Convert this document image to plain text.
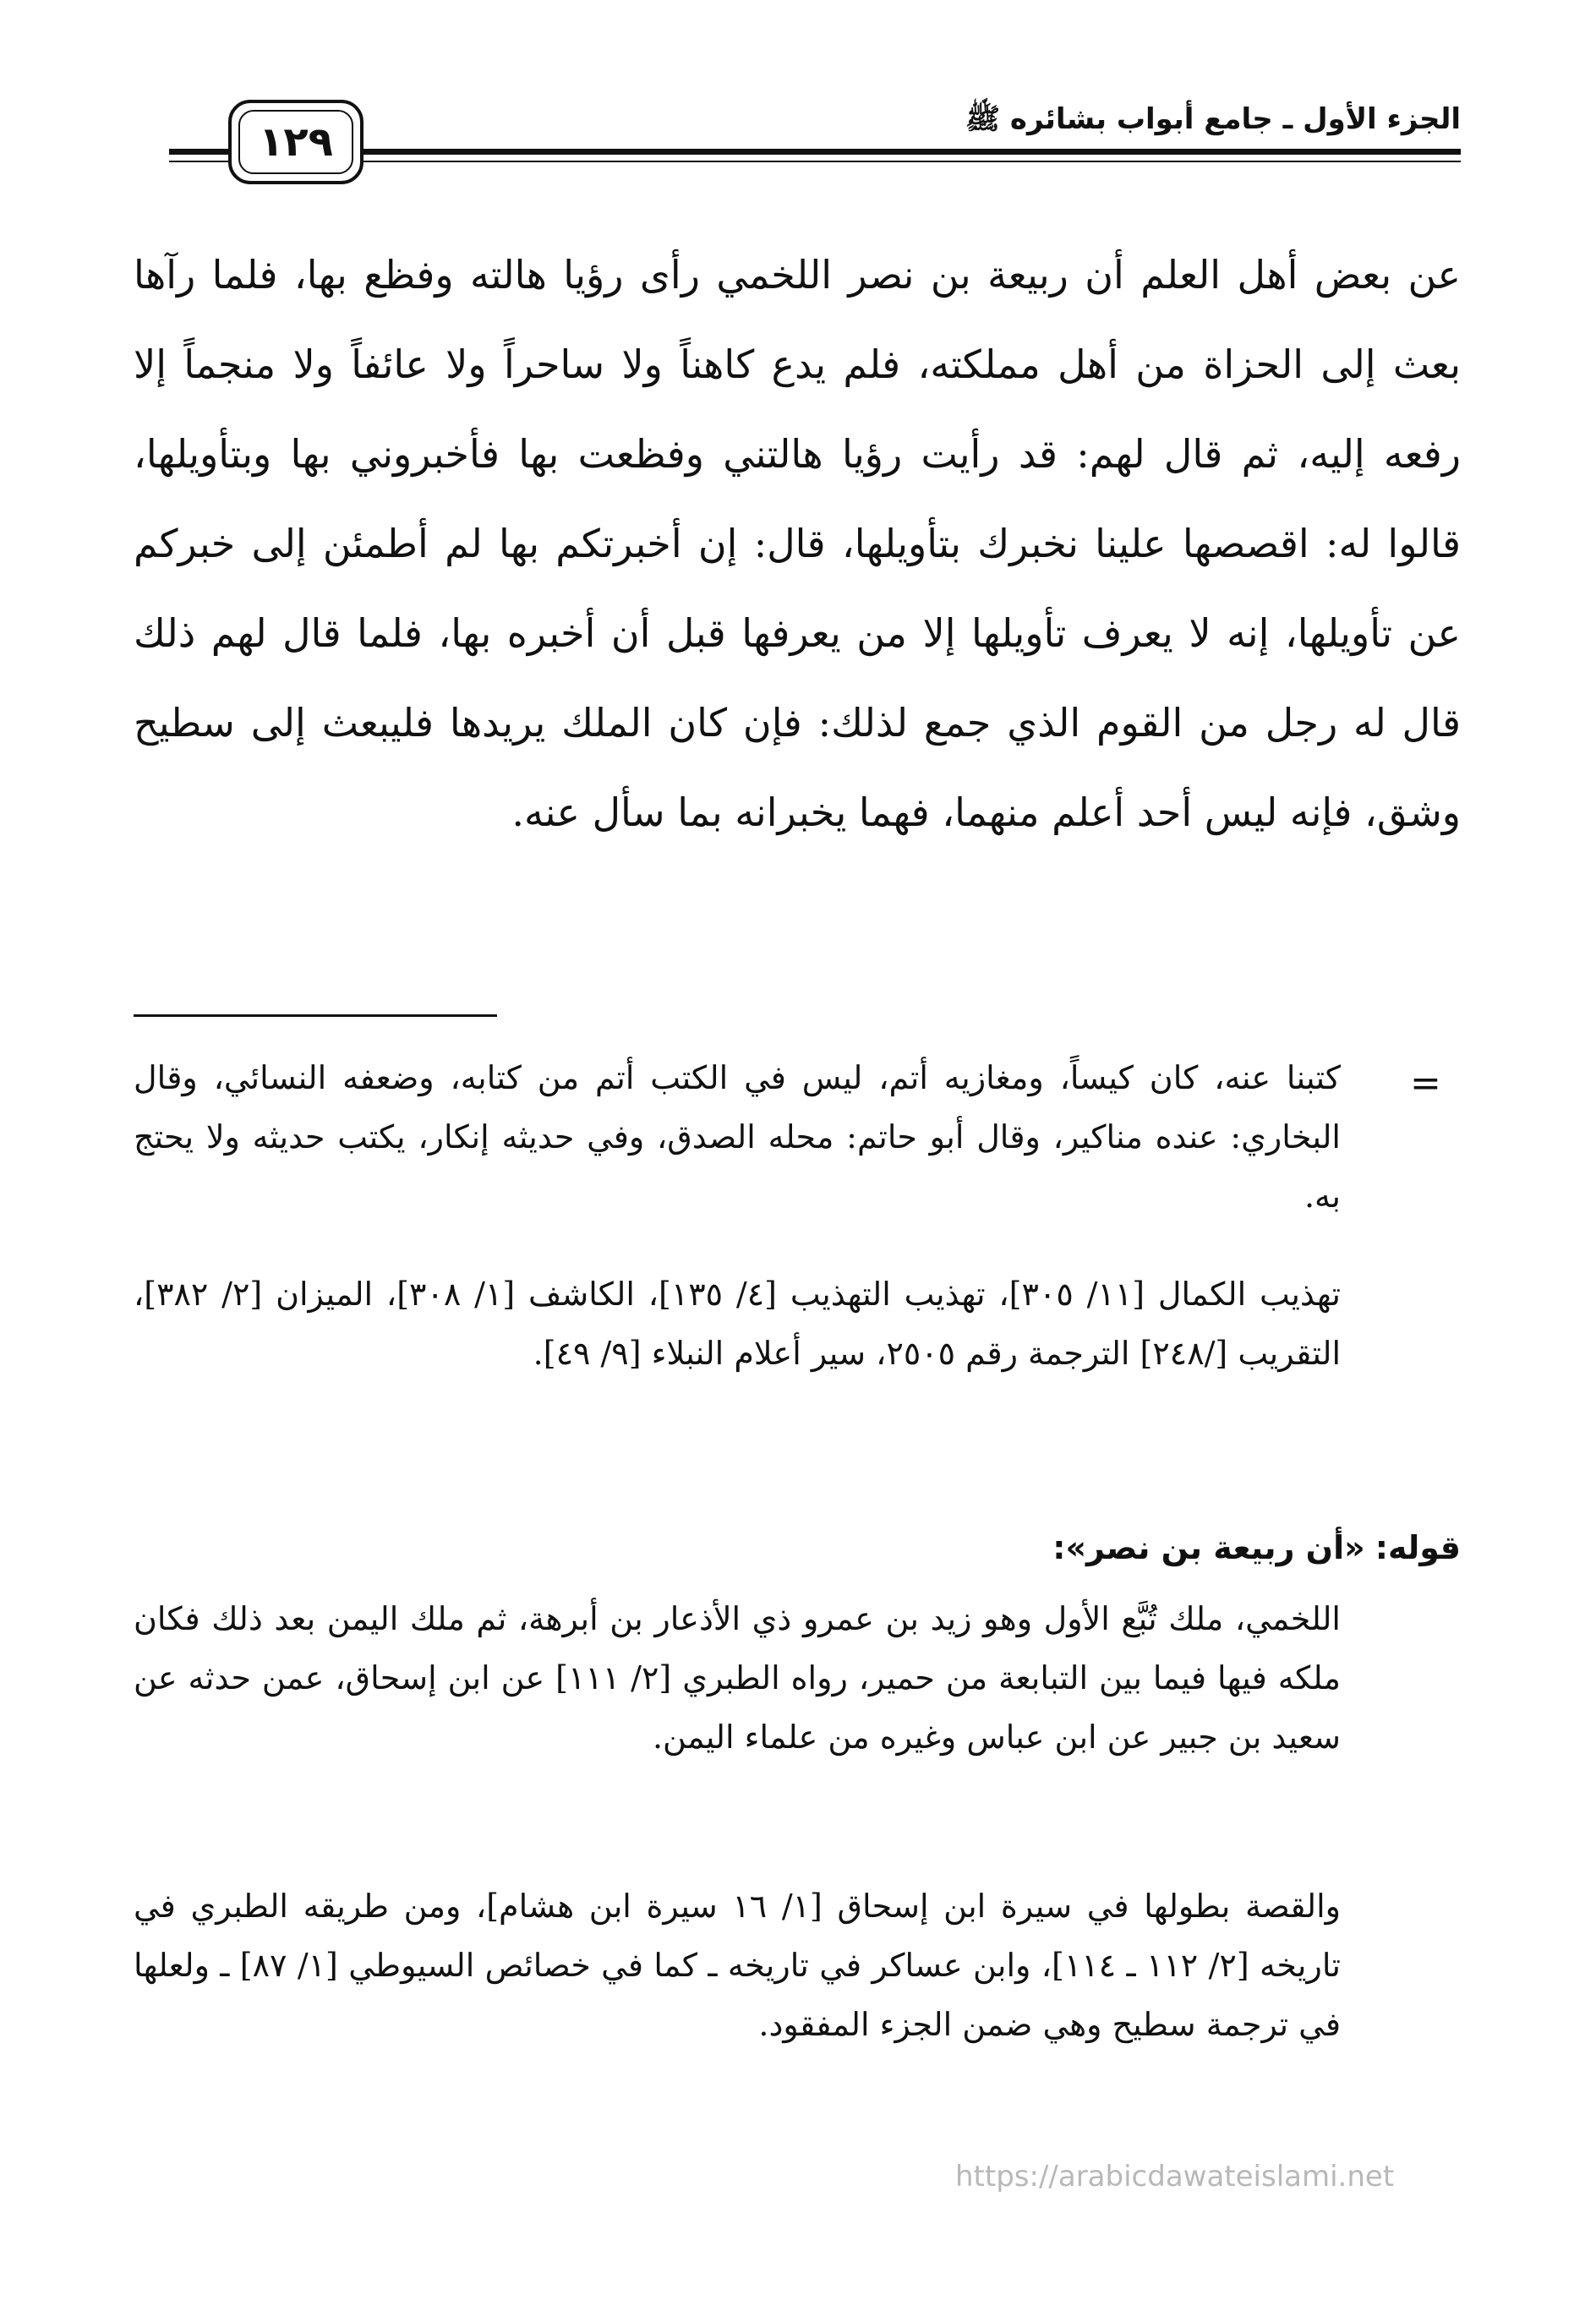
الجزء الأول ـ جامع أبواب بشائره ﷺ
١٢٩

عن بعض أهل العلم أن ربيعة بن نصر اللخمي رأى رؤيا هالته وفظع بها، فلما رآها بعث إلى الحزاة من أهل مملكته، فلم يدع كاهناً ولا ساحراً ولا عائفاً ولا منجماً إلا رفعه إليه، ثم قال لهم: قد رأيت رؤيا هالتني وفظعت بها فأخبروني بها وبتأويلها، قالوا له: اقصصها علينا نخبرك بتأويلها، قال: إن أخبرتكم بها لم أطمئن إلى خبركم عن تأويلها، إنه لا يعرف تأويلها إلا من يعرفها قبل أن أخبره بها، فلما قال لهم ذلك قال له رجل من القوم الذي جمع لذلك: فإن كان الملك يريدها فليبعث إلى سطيح وشق، فإنه ليس أحد أعلم منهما، فهما يخبرانه بما سأل عنه.

=

كتبنا عنه، كان كيساً، ومغازيه أتم، ليس في الكتب أتم من كتابه، وضعفه النسائي، وقال البخاري: عنده مناكير، وقال أبو حاتم: محله الصدق، وفي حديثه إنكار، يكتب حديثه ولا يحتج به.

تهذيب الكمال [١١/ ٣٠٥]، تهذيب التهذيب [٤/ ١٣٥]، الكاشف [١/ ٣٠٨]، الميزان [٢/ ٣٨٢]، التقريب [/٢٤٨] الترجمة رقم ٢٥٠٥، سير أعلام النبلاء [٩/ ٤٩].

قوله: «أن ربيعة بن نصر»:

اللخمي، ملك تُبَّع الأول وهو زيد بن عمرو ذي الأذعار بن أبرهة، ثم ملك اليمن بعد ذلك فكان ملكه فيها فيما بين التبابعة من حمير، رواه الطبري [٢/ ١١١] عن ابن إسحاق، عمن حدثه عن سعيد بن جبير عن ابن عباس وغيره من علماء اليمن.

والقصة بطولها في سيرة ابن إسحاق [١/ ١٦ سيرة ابن هشام]، ومن طريقه الطبري في تاريخه [٢/ ١١٢ ـ ١١٤]، وابن عساكر في تاريخه ـ كما في خصائص السيوطي [١/ ٨٧] ـ ولعلها في ترجمة سطيح وهي ضمن الجزء المفقود.

https://arabicdawateislami.net
